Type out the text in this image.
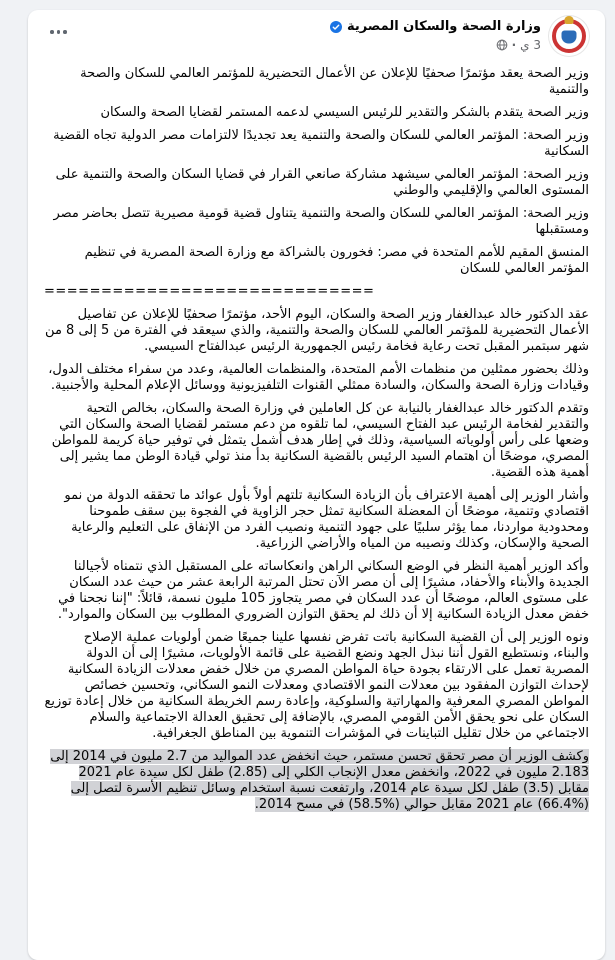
وزارة الصحة والسكان المصرية
3 ي
·

وزير الصحة يعقد مؤتمرًا صحفيًا للإعلان عن الأعمال التحضيرية للمؤتمر العالمي للسكان والصحة والتنمية

وزير الصحة يتقدم بالشكر والتقدير للرئيس السيسي لدعمه المستمر لقضايا الصحة والسكان

وزير الصحة: المؤتمر العالمي للسكان والصحة والتنمية يعد تجديدًا لالتزامات مصر الدولية تجاه القضية السكانية

وزير الصحة: المؤتمر العالمي سيشهد مشاركة صانعي القرار في قضايا السكان والصحة والتنمية على المستوى العالمي والإقليمي والوطني

وزير الصحة: المؤتمر العالمي للسكان والصحة والتنمية يتناول قضية قومية مصيرية تتصل بحاضر مصر ومستقبلها

المنسق المقيم للأمم المتحدة في مصر: فخورون بالشراكة مع وزارة الصحة المصرية في تنظيم المؤتمر العالمي للسكان

=============================

عقد الدكتور خالد عبدالغفار وزير الصحة والسكان، اليوم الأحد، مؤتمرًا صحفيًا للإعلان عن تفاصيل الأعمال التحضيرية للمؤتمر العالمي للسكان والصحة والتنمية، والذي سيعقد في الفترة من 5 إلى 8 من شهر سبتمبر المقبل تحت رعاية فخامة رئيس الجمهورية الرئيس عبدالفتاح السيسي.

وذلك بحضور ممثلين من منظمات الأمم المتحدة، والمنظمات العالمية، وعدد من سفراء مختلف الدول، وقيادات وزارة الصحة والسكان، والسادة ممثلي القنوات التلفيزيونية ووسائل الإعلام المحلية والأجنبية.

وتقدم الدكتور خالد عبدالغفار بالنيابة عن كل العاملين في وزارة الصحة والسكان، بخالص التحية والتقدير لفخامة الرئيس عبد الفتاح السيسي، لما تلقوه من دعم مستمر لقضايا الصحة والسكان التي وضعها على رأس أولوياته السياسية، وذلك في إطار هدف أشمل يتمثل في توفير حياة كريمة للمواطن المصري، موضحًا أن اهتمام السيد الرئيس بالقضية السكانية بدأ منذ تولي قيادة الوطن مما يشير إلى أهمية هذه القضية.

وأشار الوزير إلى أهمية الاعتراف بأن الزيادة السكانية تلتهم أولاً بأول عوائد ما تحققه الدولة من نمو اقتصادي وتنمية، موضحًا أن المعضلة السكانية تمثل حجر الزاوية في الفجوة بين سقف طموحنا ومحدودية مواردنا، مما يؤثر سلبيًا على جهود التنمية ونصيب الفرد من الإنفاق على التعليم والرعاية الصحية والإسكان، وكذلك ونصيبه من المياه والأراضي الزراعية.

وأكد الوزير أهمية النظر في الوضع السكاني الراهن وانعكاساته على المستقبل الذي نتمناه لأجيالنا الجديدة والأبناء والأحفاد، مشيرًا إلى أن مصر الآن تحتل المرتبة الرابعة عشر من حيث عدد السكان على مستوى العالم، موضحًا أن عدد السكان في مصر يتجاوز 105 مليون نسمة، قائلاً: "إننا نجحنا في خفض معدل الزيادة السكانية إلا أن ذلك لم يحقق التوازن الضروري المطلوب بين السكان والموارد".

ونوه الوزير إلى أن القضية السكانية باتت تفرض نفسها علينا جميعًا ضمن أولويات عملية الإصلاح والبناء، ونستطيع القول أننا نبذل الجهد ونضع القضية على قائمة الأولويات، مشيرًا إلى أن الدولة المصرية تعمل على الارتقاء بجودة حياة المواطن المصري من خلال خفض معدلات الزيادة السكانية لإحداث التوازن المفقود بين معدلات النمو الاقتصادي ومعدلات النمو السكاني، وتحسين خصائص المواطن المصري المعرفية والمهاراتية والسلوكية، وإعادة رسم الخريطة السكانية من خلال إعادة توزيع السكان على نحو يحقق الأمن القومي المصري، بالإضافة إلى تحقيق العدالة الاجتماعية والسلام الاجتماعي من خلال تقليل التباينات في المؤشرات التنموية بين المناطق الجغرافية.

وكشف الوزير أن مصر تحقق تحسن مستمر، حيث انخفض عدد المواليد من 2.7 مليون في 2014 إلى 2.183 مليون في 2022، وانخفض معدل الإنجاب الكلي إلى (2.85) طفل لكل سيدة عام 2021 مقابل (3.5) طفل لكل سيدة عام 2014، وارتفعت نسبة استخدام وسائل تنظيم الأسرة لتصل إلى (%66.4) عام 2021 مقابل حوالي (%58.5) في مسح 2014.
